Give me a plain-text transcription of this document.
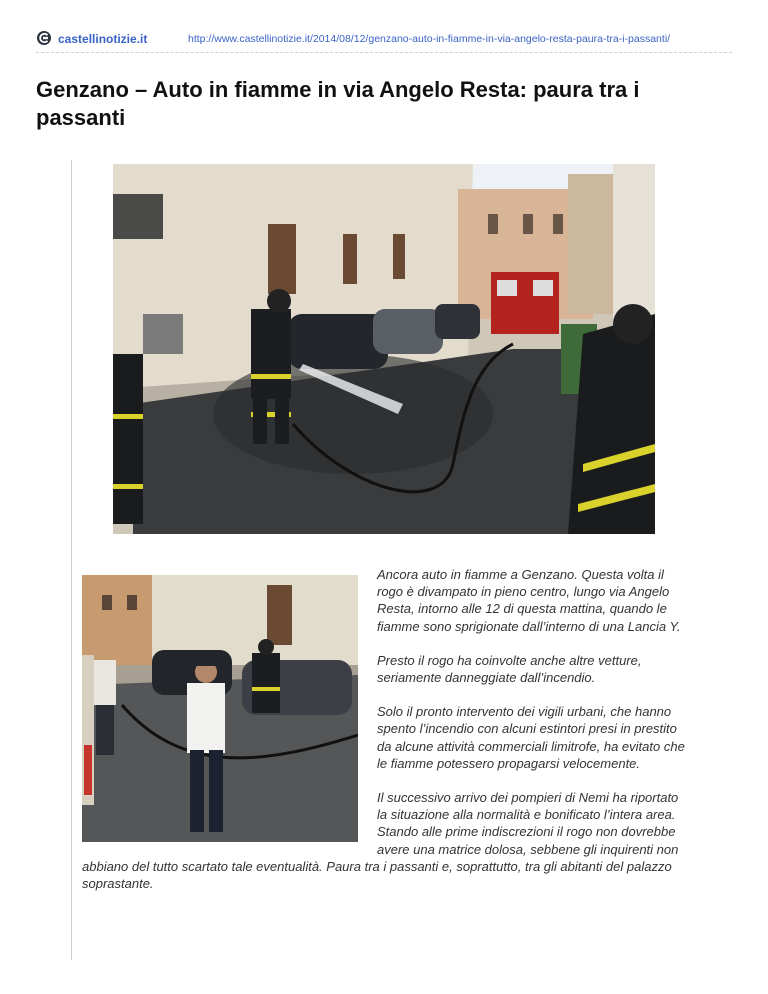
castellinotizie.it	http://www.castellinotizie.it/2014/08/12/genzano-auto-in-fiamme-in-via-angelo-resta-paura-tra-i-passanti/
Genzano – Auto in fiamme in via Angelo Resta: paura tra i passanti

Ancora auto in fiamme a Genzano. Questa volta il rogo è divampato in pieno centro, lungo via Angelo Resta, intorno alle 12 di questa mattina, quando le fiamme sono sprigionate dall’interno di una Lancia Y.

Presto il rogo ha coinvolte anche altre vetture, seriamente danneggiate dall’incendio.

Solo il pronto intervento dei vigili urbani, che hanno spento l’incendio con alcuni estintori presi in prestito da alcune attività commerciali limitrofe, ha evitato che le fiamme potessero propagarsi velocemente.

Il successivo arrivo dei pompieri di Nemi ha riportato la situazione alla normalità e bonificato l’intera area. Stando alle prime indiscrezioni il rogo non dovrebbe avere una matrice dolosa, sebbene gli inquirenti non abbiano del tutto scartato tale eventualità. Paura tra i passanti e, soprattutto, tra gli abitanti del palazzo soprastante.
